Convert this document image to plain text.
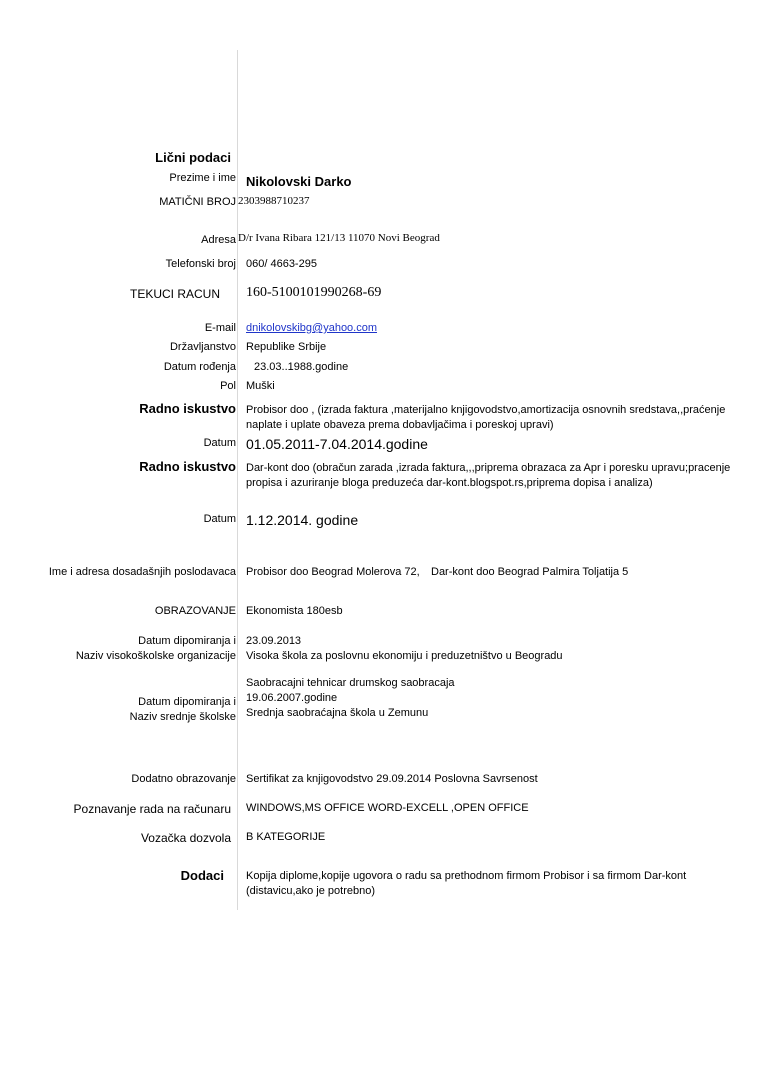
Lični podaci
Prezime i ime Nikolovski Darko
MATIČNI BROJ 2303988710237
Adresa D/r Ivana Ribara 121/13 11070 Novi Beograd
Telefonski broj 060/ 4663-295
TEKUCI RACUN 160-5100101990268-69
E-mail dnikolovskibg@yahoo.com
Državljanstvo Republike Srbije
Datum rođenja 23.03..1988.godine
Pol Muški
Radno iskustvo Probisor doo , (izrada faktura ,materijalno knjigovodstvo,amortizacija osnovnih sredstava,,praćenje naplate i uplate obaveza prema dobavljačima i poreskoj upravi)
Datum 01.05.2011-7.04.2014.godine
Radno iskustvo Dar-kont doo (obračun zarada ,izrada faktura,,,priprema obrazaca za Apr i poresku upravu;pracenje propisa i azuriranje bloga preduzeća dar-kont.blogspot.rs,priprema dopisa i analiza)
Datum 1.12.2014. godine
Ime i adresa dosadašnjih poslodavaca Probisor doo Beograd Molerova 72, Dar-kont doo Beograd Palmira Toljatija 5
OBRAZOVANJE Ekonomista 180esb
Datum dipomiranja i
Naziv visokoškolske organizacije
23.09.2013
Visoka škola za poslovnu ekonomiju i preduzetništvo u Beogradu
Saobracajni tehnicar drumskog saobracaja
Datum dipomiranja i
Naziv srednje školske
19.06.2007.godine
Srednja saobraćajna škola u Zemunu
Dodatno obrazovanje Sertifikat za knjigovodstvo 29.09.2014 Poslovna Savrsenost
Poznavanje rada na računaru WINDOWS,MS OFFICE WORD-EXCELL ,OPEN OFFICE
Vozačka dozvola B KATEGORIJE
Dodaci Kopija diplome,kopije ugovora o radu sa prethodnom firmom Probisor i sa firmom Dar-kont
(distavicu,ako je potrebno)
